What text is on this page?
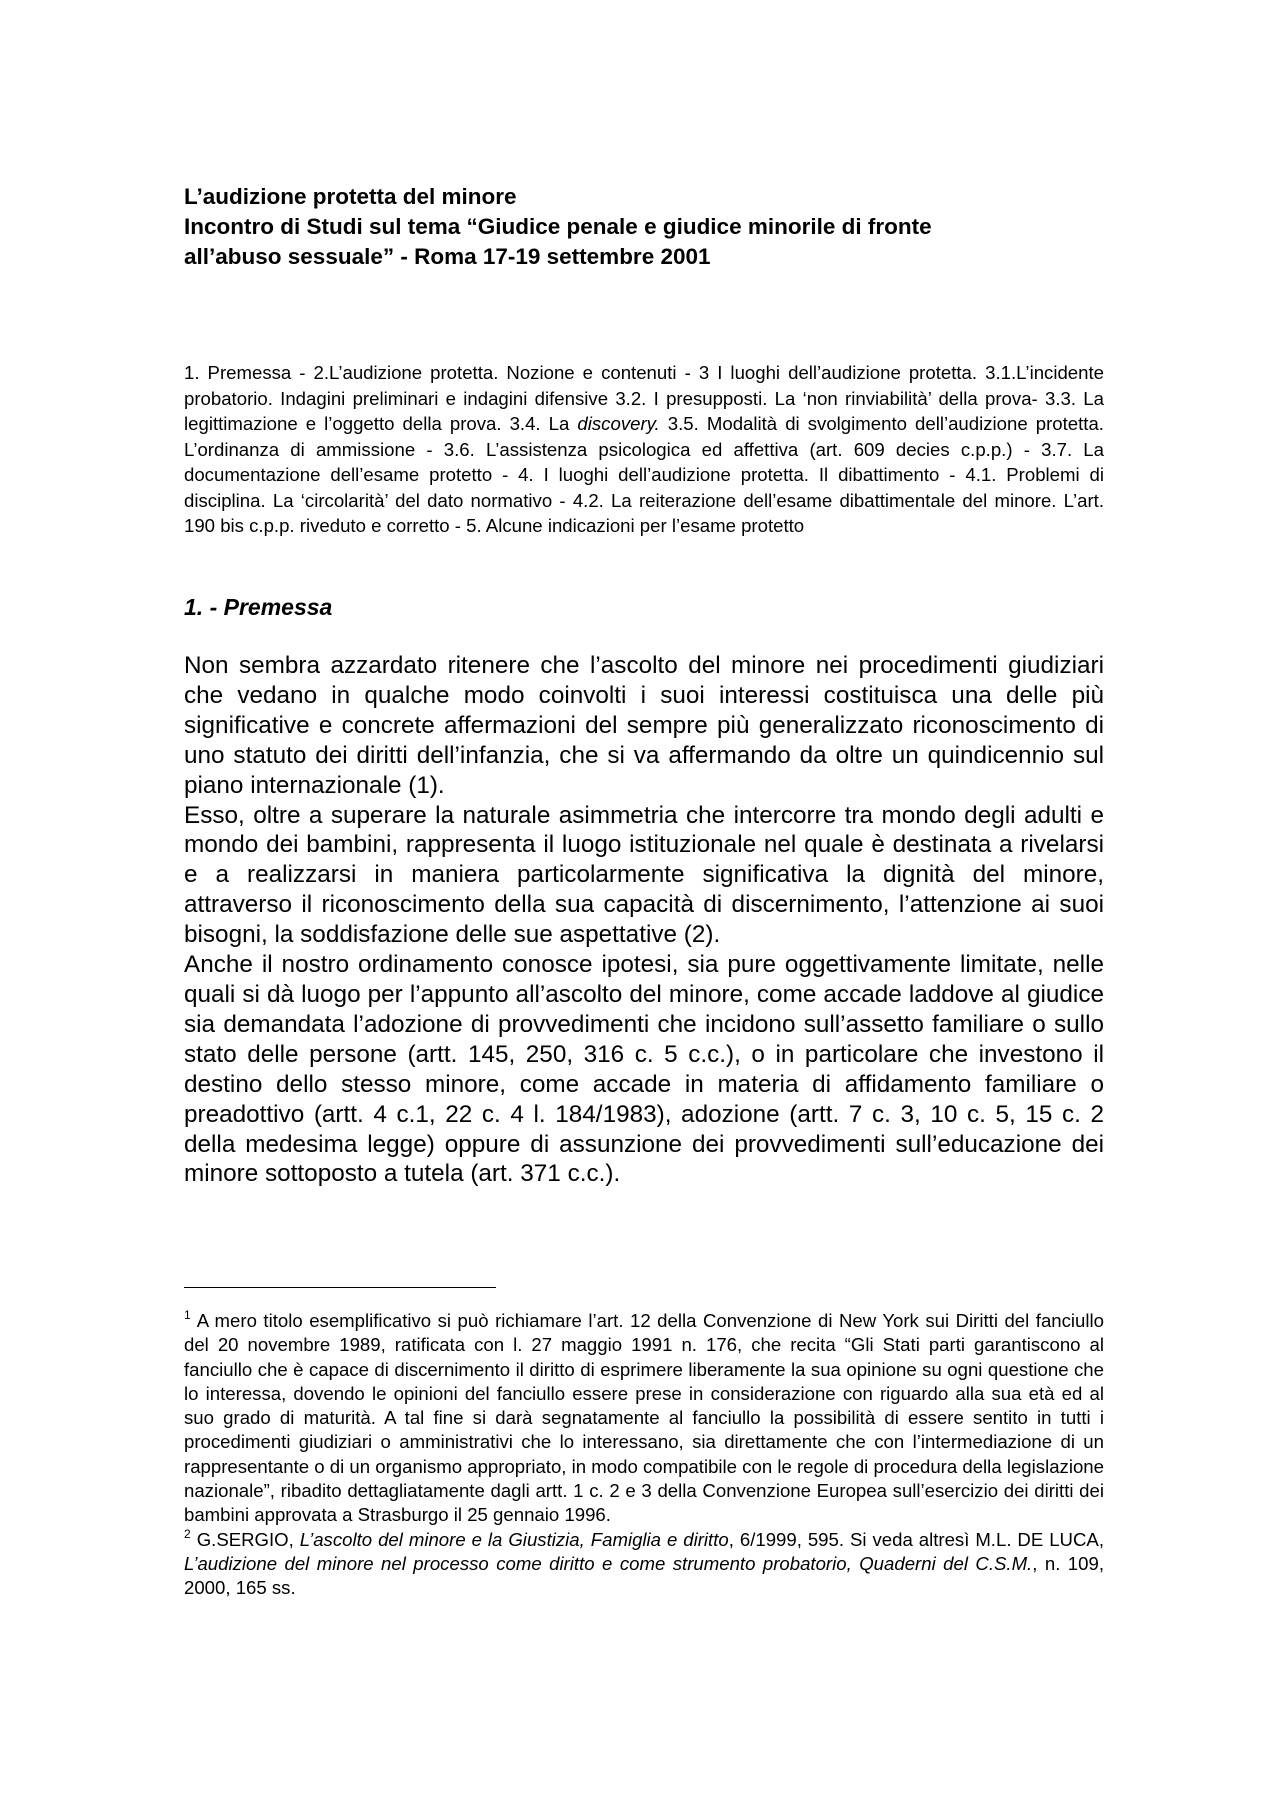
L’audizione protetta del minore
Incontro di Studi sul tema “Giudice penale e giudice minorile di fronte
all’abuso sessuale” - Roma 17-19 settembre 2001
1. Premessa - 2.L’audizione protetta. Nozione e contenuti - 3 I luoghi dell’audizione protetta. 3.1.L’incidente probatorio. Indagini preliminari e indagini difensive 3.2. I presupposti. La ‘non rinviabilità’ della prova- 3.3. La legittimazione e l’oggetto della prova. 3.4. La discovery. 3.5. Modalità di svolgimento dell’audizione protetta. L’ordinanza di ammissione - 3.6. L’assistenza psicologica ed affettiva (art. 609 decies c.p.p.) - 3.7. La documentazione dell’esame protetto - 4. I luoghi dell’audizione protetta. Il dibattimento - 4.1. Problemi di disciplina. La ‘circolarità’ del dato normativo - 4.2. La reiterazione dell’esame dibattimentale del minore. L’art. 190 bis c.p.p. riveduto e corretto - 5. Alcune indicazioni per l’esame protetto
1. - Premessa

Non sembra azzardato ritenere che l’ascolto del minore nei procedimenti giudiziari che vedano in qualche modo coinvolti i suoi interessi costituisca una delle più significative e concrete affermazioni del sempre più generalizzato riconoscimento di uno statuto dei diritti dell’infanzia, che si va affermando da oltre un quindicennio sul piano internazionale (1).

Esso, oltre a superare la naturale asimmetria che intercorre tra mondo degli adulti e mondo dei bambini, rappresenta il luogo istituzionale nel quale è destinata a rivelarsi e a realizzarsi in maniera particolarmente significativa la dignità del minore, attraverso il riconoscimento della sua capacità di discernimento, l’attenzione ai suoi bisogni, la soddisfazione delle sue aspettative (2).

Anche il nostro ordinamento conosce ipotesi, sia pure oggettivamente limitate, nelle quali si dà luogo per l’appunto all’ascolto del minore, come accade laddove al giudice sia demandata l’adozione di provvedimenti che incidono sull’assetto familiare o sullo stato delle persone (artt. 145, 250, 316 c. 5 c.c.), o in particolare che investono il destino dello stesso minore, come accade in materia di affidamento familiare o preadottivo (artt. 4 c.1, 22 c. 4 l. 184/1983), adozione (artt. 7 c. 3, 10 c. 5, 15 c. 2 della medesima legge) oppure di assunzione dei provvedimenti sull’educazione dei minore sottoposto a tutela (art. 371 c.c.).

$^1$ A mero titolo esemplificativo si può richiamare l’art. 12 della Convenzione di New York sui Diritti del fanciullo del 20 novembre 1989, ratificata con l. 27 maggio 1991 n. 176, che recita “Gli Stati parti garantiscono al fanciullo che è capace di discernimento il diritto di esprimere liberamente la sua opinione su ogni questione che lo interessa, dovendo le opinioni del fanciullo essere prese in considerazione con riguardo alla sua età ed al suo grado di maturità. A tal fine si darà segnatamente al fanciullo la possibilità di essere sentito in tutti i procedimenti giudiziari o amministrativi che lo interessano, sia direttamente che con l’intermediazione di un rappresentante o di un organismo appropriato, in modo compatibile con le regole di procedura della legislazione nazionale”, ribadito dettagliatamente dagli artt. 1 c. 2 e 3 della Convenzione Europea sull’esercizio dei diritti dei bambini approvata a Strasburgo il 25 gennaio 1996.

$^2$ G.SERGIO, L’ascolto del minore e la Giustizia, Famiglia e diritto, 6/1999, 595. Si veda altresì M.L. DE LUCA, L’audizione del minore nel processo come diritto e come strumento probatorio, Quaderni del C.S.M., n. 109, 2000, 165 ss.
